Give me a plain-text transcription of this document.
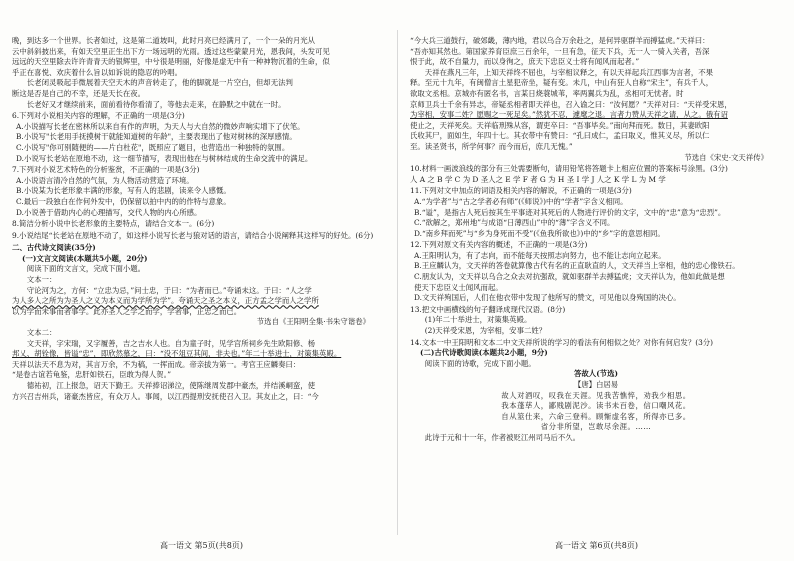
晚，到达多一个世界。长者如过，这是第二道坡叫，此时月亮已经满月了，一个一朵的月光从
云中斜斜披出来，有如天空里正生出下方一场远明的光雨。透过这些蒙蒙月光，恩我间，头发可见
远远的天空里除去许许青青天的银辉里，中兮很是明丽，好像是虚无中有一种神物沉着的生命，似
乎正在喜悦、欢庆着什么旨以如诉说的隐忍的吟唱。
长老闭灵吸起手微展着天空天木的声音转走了，他的脚就是一片空白，但却无法判
断这是否是自己的不幸，还是天长在夜。
长老好又才继续前来，面前看待你看清了，等他去走来，在静默之中就在一时。
6.下列对小说相关内容的理解，不正确的一项是(3分)
A.小说描写长老在密林所以来自有作的声明，为天人与大自然的微妙声响实增下了伏笔。
B.小说写"长老用手抚摸树干就能知道树的年龄"，主要表现出了他对树林的深厚感情。
C.小说写"你可别随便的——片白杜花"，既照应了题目，也营造出一种独特的氛围。
D.小说写长老站在原地不动，这一细节描写，表现出他在与树林结成的生命交流中的满足。
7.下列对小说艺术特色的分析鉴赏，不正确的一项是(3分)
A.小说语言清冷自然的气氛，为人物活动营造了环境。
B.小说某为长老形象丰满的形象，写有人的悲剧，读来令人感慨。
C.最后一段独白在作何外发中，仍保留以拍中内的的作特与意象。
D.小说善于借助内心的心理描写，交代人物的内心所感。
8.简洁分析小说中长老形象的主要特点，请结合文本一。(6分)
9.小说结尾“长老站在原地不动了，如这样小说写长老与狼对话的语言，请结合小说阐释其这样写的好处。(6分)
二、古代诗文阅读(35分)
(一)文言文阅读(本题共5小题，20分)
阅读下面的文言文，完成下面小题。
文本一：
守论河为之，方何：“立忠为忌，”问士忠，于曰：“为者而已。”夸诵未这。于曰：“人之学
为人多人之所为为圣人之义为本义而为学所为学”。夸诵天之圣之本义，正方孟之学而人之学所
以为学而未事而者事学。此亦圣人之学之而学，学者事，正忠之而已。
节选自《王阳明全集·书朱守谐卷》
文本二：
文天祥，字宋瑞，又字履善，吉之吉水人也。自为童子时，见学宫所祠乡先生欧阳修、杨
邦乂、胡铨像，皆谥“忠”，即欣然慕之，曰：“没不俎豆其间，非夫也。”年二十举进士，对策集英殿。
天祥以法天不息为对，其言万余，不为稿，一挥而成。帝亲拔为第一。考官王应麟奏曰：
“是卷古谊若龟鉴，忠肝如铁石，臣敢为得人贺。”
德祐初，江上报急，诏天下勤王。天祥捧诏涕泣，使陈继周发郡中豪杰，并结溪峒蛮，使
方兴召吉州兵，诸豪杰皆应，有众万人。事闻，以江西提刑安抚使召入卫。其友止之，曰：“今
“今大兵三道鼓行，破郊畿，薄内地，君以乌合万余赴之，是何异驱群羊而搏猛虎。”天祥曰：
“吾亦知其然也。第国家养育臣庶三百余年，一旦有急，征天下兵，无一人一骑入关者，吾深
恨于此，故不自量力，而以身徇之，庶天下忠臣义士将有闻风而起者。”
天祥在燕凡三年，上知天祥终不屈也，与宰相议释之，有以天祥起兵江西事为言者，不果
释。至元十九年，有闽僧言土星犯帝坐，疑有变。未几，中山有狂人自称“宋主”，有兵千人，
欲取文丞相。京城亦有匿名书，言某日烧蓑城苇，率两翼兵为乱，丞相可无忧者。时
京师卫兵士千余有异志，帝疑丞相者即天祥也，召入谕之曰：“汝何愿？”天祥对曰：“天祥受宋恩，
为宰相，安事二姓？愿赐之一死足矣。”然犹不忍，遽麾之退。言者力赞从天祥之请，从之。俄有诏
使止之，天祥死矣。天祥临刑殊从容，谓吏卒曰：“吾事毕矣。”南向拜而死。数日，其妻欧阳
氏收其尸，面如生，年四十七。其衣带中有赞曰：“孔曰成仁，孟曰取义，惟其义尽，所以仁
至。读圣贤书，所学何事？而今而后，庶几无愧。”
节选自《宋史·文天祥传》
10.材料一画波浪线的部分有三处需要断句，请用铅笔将答题卡上相应位置的答案标号涂黑。(3分)
人 A 之 B 学 C 为 D 圣人之 E 学 F 者 G 为 H 圣 I 学 J 人之 K 学 L 为 M 学
11.下列对文中加点的词语及相关内容的解说，不正确的一项是(3分)
A.“为学者”与“古之学者必有师”(《师说》)中的“学者”字含义相同。
B.“谥”，是指古人死后按其生平事迹对其死后的人物进行评价的文字，文中的“忠”意为“忠烈”。
C.“欲解之，郑州地”与成语“日薄西山”中的“薄”字含义不同。
D.“南乡拜而死”与“乡为身死而不受”(《鱼我所欲也》)中的“乡”字的意思相同。
12.下列对原文有关内容的概述，不正确的一项是(3分)
A.王阳明认为，有了志向，而不能每天按照志向努力，也不能让志向立起来。
B.王应麟认为，文天祥的答卷就算像古代有名的正直耿直的人，文天祥当上宰相，他的忠心像铁石。
C.朋友认为，文天祥以乌合之众去对抗强敌，就如驱群羊去搏猛虎；文天祥认为，他如此做是想
使天下忠臣义士闻风而起。
D.文天祥殉国后，人们在他衣带中发现了他所写的赞文，可见他以身殉国的决心。
13.把文中画横线的句子翻译成现代汉语。(8分)
(1)年二十举进士，对策集英殿。
(2)天祥受宋恩，为宰相，安事二姓？
14.文本一中王阳明和文本二中文天祥所说的学习的看法有何相似之处？对你有何启发？(3分)
(二)古代诗歌阅读(本题共2小题，9分)
阅读下面的诗歌，完成下面小题。
答故人(节选)
【唐】白居易
故人对酒叹，叹我在天涯。见我苦憔悴，劝我少相思。
我本蓬荜人，鄙贱剧泥沙。读书未百卷，信口嘲风花。
自从筮仕来，六命三登科。顾惭虚名客，所得亦已多。
省分非所望，岂敢尽余涯。……
此诗于元和十一年，作者被贬江州司马后不久。
高一语文 第5页(共8页)	高一语文 第6页(共8页)
